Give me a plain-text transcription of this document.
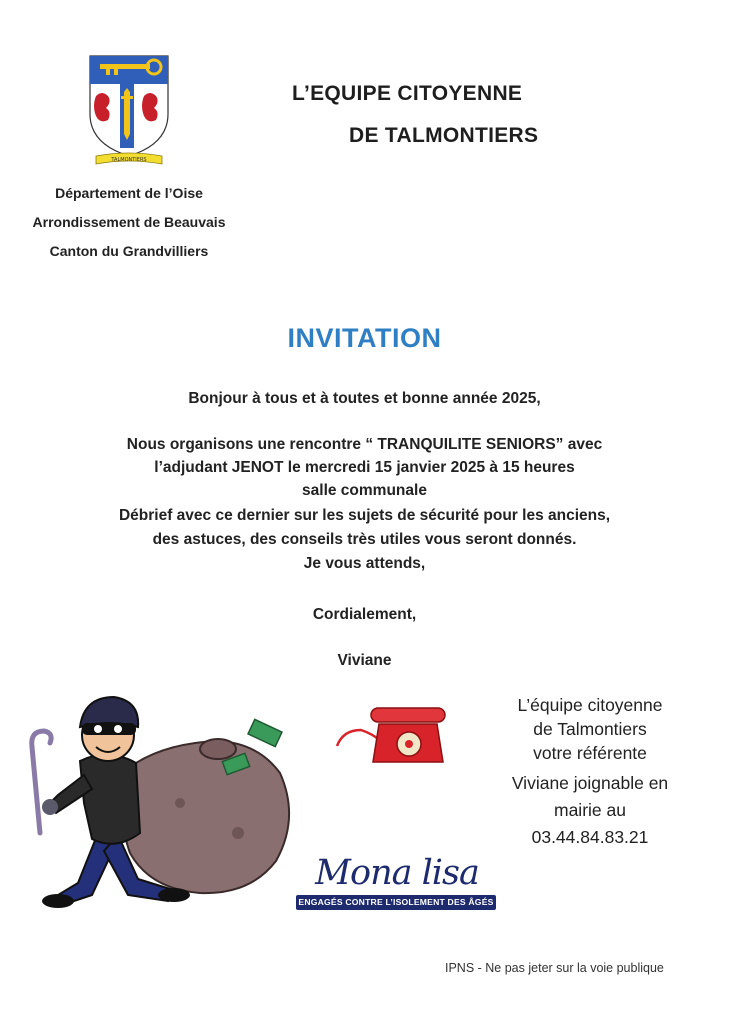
TALMONTIERS
L’EQUIPE CITOYENNE
DE TALMONTIERS
Département de l’Oise
Arrondissement de Beauvais
Canton du Grandvilliers
INVITATION
Bonjour à tous et à toutes et bonne année 2025,
Nous organisons une rencontre “ TRANQUILITE SENIORS” avec
l’adjudant JENOT le mercredi 15 janvier 2025 à 15 heures
salle communale
Débrief avec ce dernier sur les sujets de sécurité pour les anciens,
des astuces, des conseils très utiles vous seront donnés.
Je vous attends,
Cordialement,
Viviane
L’équipe citoyenne
de Talmontiers
votre référente
Viviane joignable en
mairie au
03.44.84.83.21
Mona lisa
ENGAGÉS CONTRE L’ISOLEMENT DES ÂGÉS
IPNS - Ne pas jeter sur la voie publique
